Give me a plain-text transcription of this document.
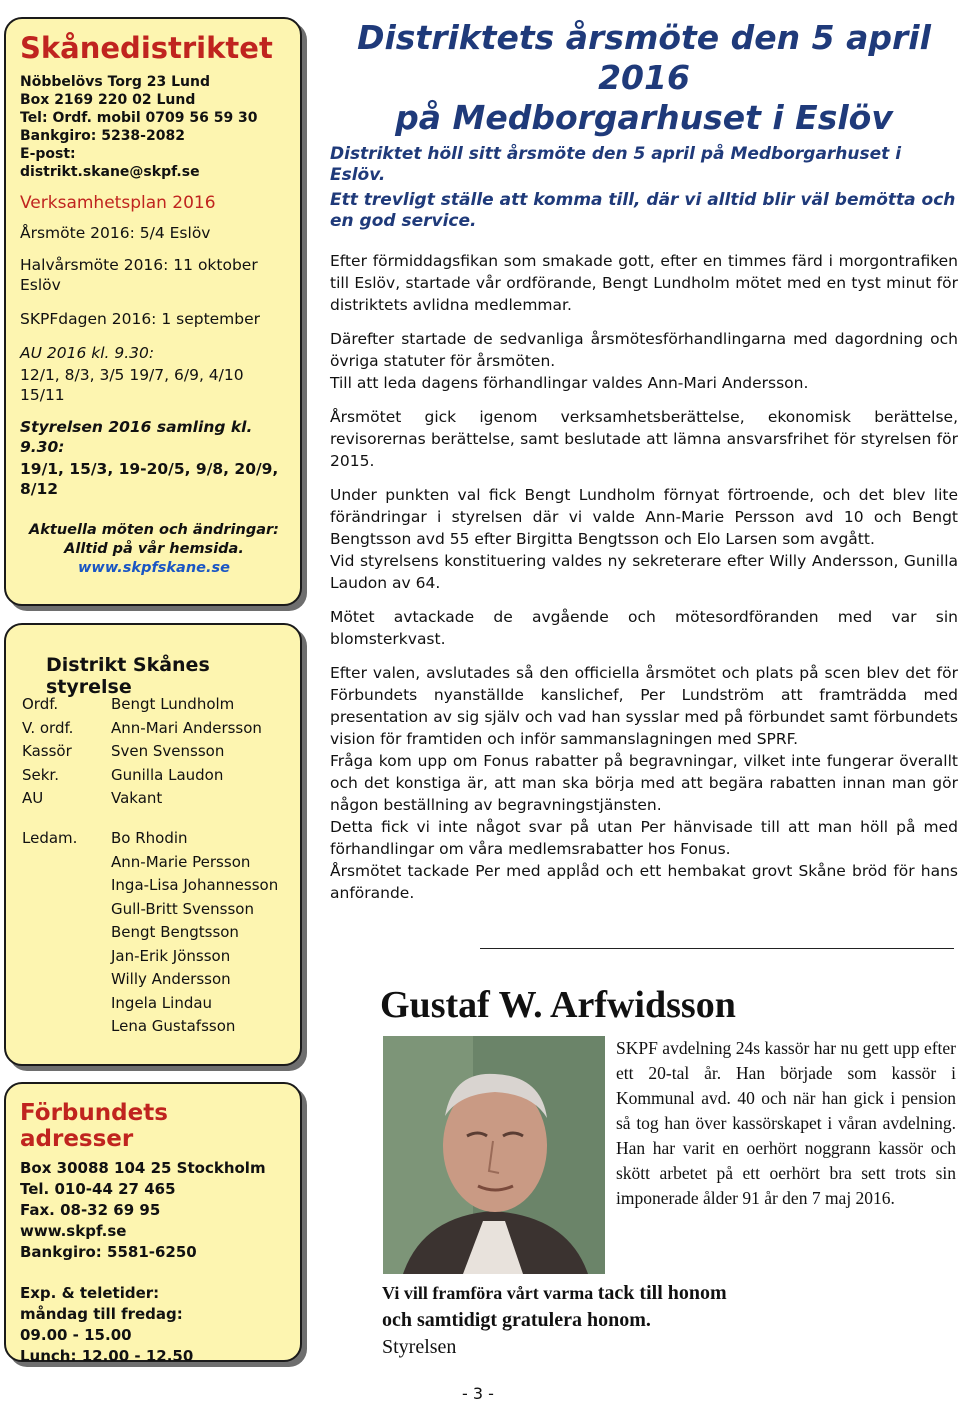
Skånedistriktet
Nöbbelövs Torg 23 Lund
Box 2169 220 02 Lund
Tel: Ordf. mobil 0709 56 59 30
Bankgiro: 5238-2082
E-post:
distrikt.skane@skpf.se
Verksamhetsplan 2016
Årsmöte 2016: 5/4 Eslöv
Halvårsmöte 2016: 11 oktober Eslöv
SKPFdagen 2016: 1 september
AU 2016 kl. 9.30:
12/1, 8/3, 3/5 19/7, 6/9, 4/10 15/11
Styrelsen 2016 samling kl. 9.30:
19/1, 15/3, 19-20/5, 9/8, 20/9, 8/12
Aktuella möten och ändringar:
Alltid på vår hemsida.
www.skpfskane.se
Distrikt Skånes styrelse
Ordf.
V. ordf.
Kassör
Sekr.
AU
Bengt Lundholm
Ann-Mari Andersson
Sven Svensson
Gunilla Laudon
Vakant
Ledam. Bo Rhodin
Ann-Marie Persson
Inga-Lisa Johannesson
Gull-Britt Svensson
Bengt Bengtsson
Jan-Erik Jönsson
Willy Andersson
Ingela Lindau
Lena Gustafsson
Förbundets adresser
Box 30088 104 25 Stockholm
Tel. 010-44 27 465
Fax. 08-32 69 95
www.skpf.se
Bankgiro: 5581-6250
Exp. & teletider:
måndag till fredag:
09.00 - 15.00
Lunch: 12.00 - 12.50
Distriktets årsmöte den 5 april 2016
på Medborgarhuset i Eslöv

Distriktet höll sitt årsmöte den 5 april på Medborgarhuset i Eslöv.

Ett trevligt ställe att komma till, där vi alltid blir väl bemötta och en god service.

Efter förmiddagsfikan som smakade gott, efter en timmes färd i morgontrafiken till Eslöv, startade vår ordförande, Bengt Lundholm mötet med en tyst minut för distriktets avlidna medlemmar.

Därefter startade de sedvanliga årsmötesförhandlingarna med dagordning och övriga statuter för årsmöten.

Till att leda dagens förhandlingar valdes Ann-Mari Andersson.

Årsmötet gick igenom verksamhetsberättelse, ekonomisk berättelse, revisorernas berättelse, samt beslutade att lämna ansvarsfrihet för styrelsen för 2015.

Under punkten val fick Bengt Lundholm förnyat förtroende, och det blev lite förändringar i styrelsen där vi valde Ann-Marie Persson avd 10 och Bengt Bengtsson avd 55 efter Birgitta Bengtsson och Elo Larsen som avgått.

Vid styrelsens konstituering valdes ny sekreterare efter Willy Andersson, Gunilla Laudon av 64.

Mötet avtackade de avgående och mötesordföranden med var sin blomsterkvast.

Efter valen, avslutades så den officiella årsmötet och plats på scen blev det för Förbundets nyanställde kanslichef, Per Lundström att framträdda med presentation av sig själv och vad han sysslar med på förbundet samt förbundets vision för framtiden och inför sammanslagningen med SPRF.

Fråga kom upp om Fonus rabatter på begravningar, vilket inte fungerar överallt och det konstiga är, att man ska börja med att begära rabatten innan man gör någon beställning av begravningstjänsten.

Detta fick vi inte något svar på utan Per hänvisade till att man höll på med förhandlingar om våra medlemsrabatter hos Fonus.

Årsmötet tackade Per med applåd och ett hembakat grovt Skåne bröd för hans anförande.

Gustaf W. Arfwidsson
SKPF avdelning 24s kassör har nu gett upp efter ett 20-tal år. Han började som kassör i Kommunal avd. 40 och när han gick i pension så tog han över kassörskapet i våran avdelning. Han har varit en oerhört noggrann kassör och skött arbetet på ett oerhört bra sett trots sin imponerade ålder 91 år den 7 maj 2016.
Vi vill framföra vårt varma tack till honom
och samtidigt gratulera honom.
Styrelsen
- 3 -
